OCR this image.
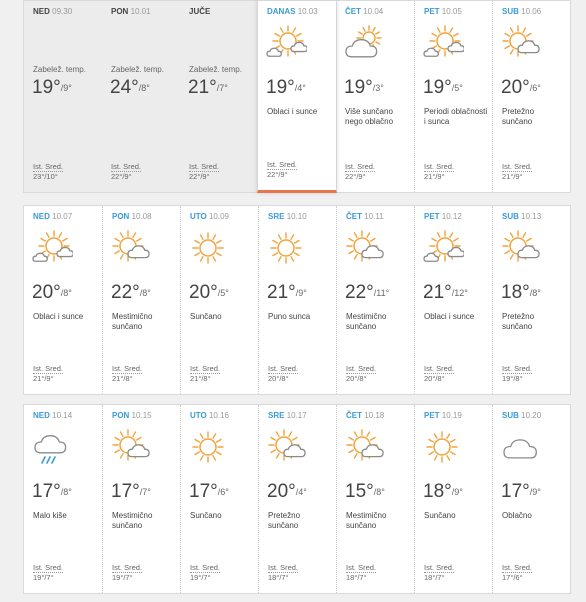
NED 09.30
Zabelež. temp.
19°$^{/9^\circ}$
Ist. Sred.
23°/10°
PON 10.01
Zabelež. temp.
24°$^{/8^\circ}$
Ist. Sred.
22°/9°
JUČE
Zabelež. temp.
21°$^{/7^\circ}$
Ist. Sred.
22°/9°
DANAS 10.03
19°$^{/4^\circ}$
Oblaci i sunce
Ist. Sred.
22°/9°
ČET 10.04
19°$^{/3^\circ}$
Više sunčano nego oblačno
Ist. Sred.
22°/9°
PET 10.05
19°$^{/5^\circ}$
Periodi oblačnosti i sunca
Ist. Sred.
21°/9°
SUB 10.06
20°$^{/6^\circ}$
Pretežno sunčano
Ist. Sred.
21°/9°
NED 10.07
20°$^{/8^\circ}$
Oblaci i sunce
Ist. Sred.
21°/9°
PON 10.08
22°$^{/8^\circ}$
Mestimično sunčano
Ist. Sred.
21°/8°
UTO 10.09
20°$^{/5^\circ}$
Sunčano
Ist. Sred.
21°/8°
SRE 10.10
21°$^{/9^\circ}$
Puno sunca
Ist. Sred.
20°/8°
ČET 10.11
22°$^{/11^\circ}$
Mestimično sunčano
Ist. Sred.
20°/8°
PET 10.12
21°$^{/12^\circ}$
Oblaci i sunce
Ist. Sred.
20°/8°
SUB 10.13
18°$^{/8^\circ}$
Pretežno sunčano
Ist. Sred.
19°/8°
NED 10.14
17°$^{/8^\circ}$
Malo kiše
Ist. Sred.
19°/7°
PON 10.15
17°$^{/7^\circ}$
Mestimično sunčano
Ist. Sred.
19°/7°
UTO 10.16
17°$^{/6^\circ}$
Sunčano
Ist. Sred.
19°/7°
SRE 10.17
20°$^{/4^\circ}$
Pretežno sunčano
Ist. Sred.
18°/7°
ČET 10.18
15°$^{/8^\circ}$
Mestimično sunčano
Ist. Sred.
18°/7°
PET 10.19
18°$^{/9^\circ}$
Sunčano
Ist. Sred.
18°/7°
SUB 10.20
17°$^{/9^\circ}$
Oblačno
Ist. Sred.
17°/6°
